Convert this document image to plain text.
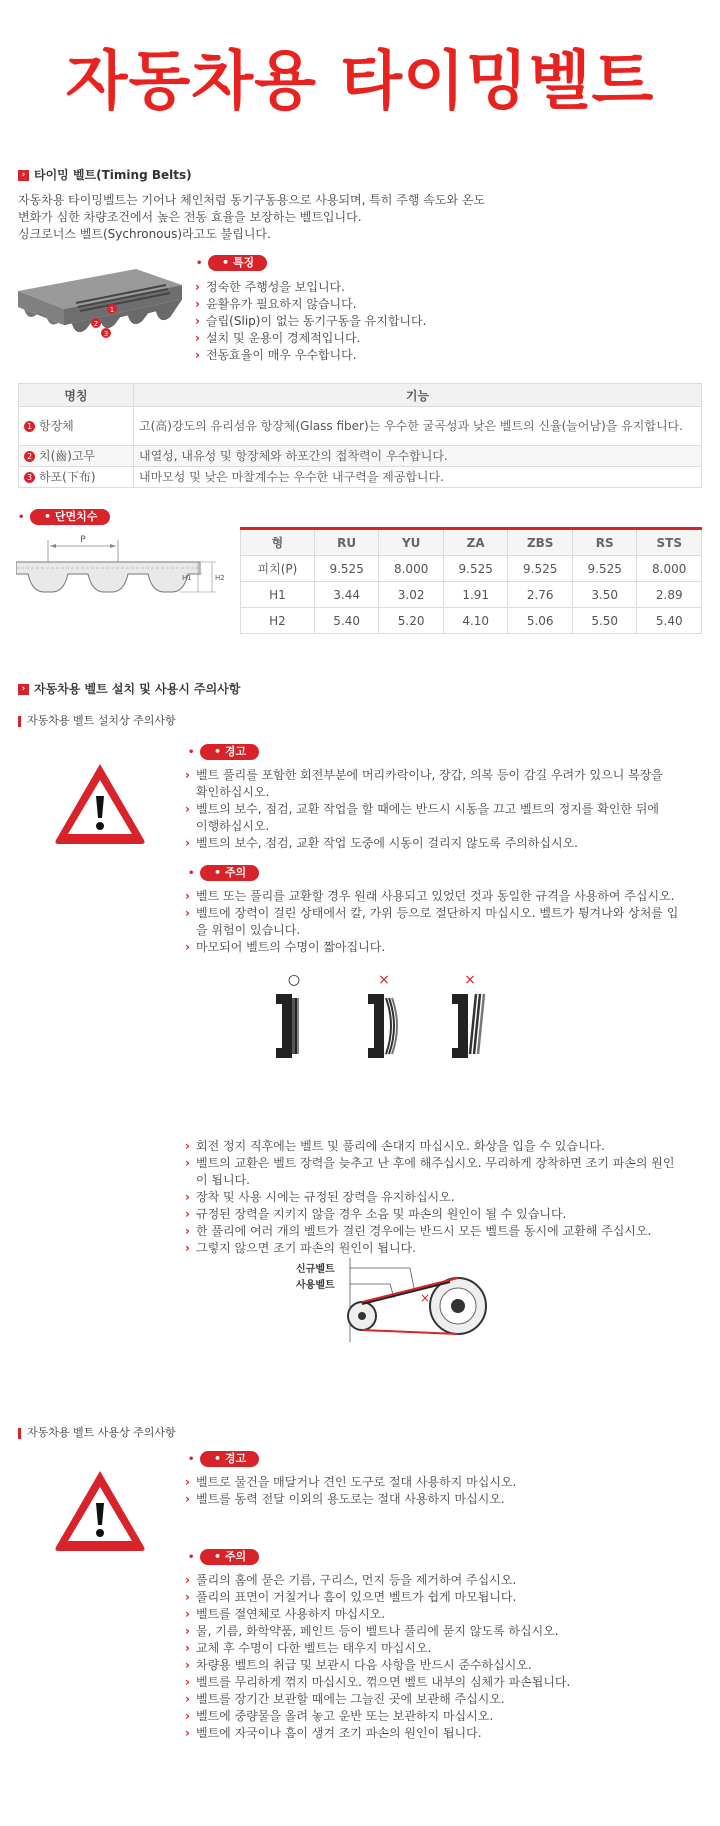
자동차용 타이밍벨트
› 타이밍 벨트(Timing Belts)
자동차용 타이밍벨트는 기어나 체인처럼 동기구동용으로 사용되며, 특히 주행 속도와 온도
변화가 심한 차량조건에서 높은 전동 효율을 보장하는 벨트입니다.
싱크로너스 벨트(Sychronous)라고도 불립니다.
1
2
3
•	• 특징
› 정숙한 주행성을 보입니다.
› 윤활유가 필요하지 않습니다.
› 슬립(Slip)이 없는 동기구동을 유지합니다.
› 설치 및 운용이 경제적입니다.
› 전동효율이 매우 우수합니다.
명칭	기능
1 항장체	고(高)강도의 유리섬유 항장체(Glass fiber)는 우수한 굴곡성과 낮은 벨트의 신율(늘어남)을 유지합니다.
2 치(齒)고무	내열성, 내유성 및 항장체와 하포간의 접착력이 우수합니다.
3 하포(下布)	내마모성 및 낮은 마찰계수는 우수한 내구력을 제공합니다.
•	• 단면치수
P
H1	H2
형	RU	YU	ZA	ZBS	RS	STS
피치(P)	9.525	8.000	9.525	9.525	9.525	8.000
H1	3.44	3.02	1.91	2.76	3.50	2.89
H2	5.40	5.20	4.10	5.06	5.50	5.40
› 자동차용 벨트 설치 및 사용시 주의사항
자동차용 벨트 설치상 주의사항
•	• 경고
› 벨트 풀리를 포함한 회전부분에 머리카락이나, 장갑, 의복 등이 감길 우려가 있으니 복장을 확인하십시오.
› 벨트의 보수, 점검, 교환 작업을 할 때에는 반드시 시동을 끄고 벨트의 정지를 확인한 뒤에 이행하십시오.
› 벨트의 보수, 점검, 교환 작업 도중에 시동이 걸리지 않도록 주의하십시오.
•	• 주의
› 벨트 또는 풀리를 교환할 경우 원래 사용되고 있었던 것과 동일한 규격을 사용하여 주십시오.
› 벨트에 장력이 걸린 상태에서 칼, 가위 등으로 절단하지 마십시오. 벨트가 튕겨나와 상처를 입을 위험이 있습니다.
› 마모되어 벨트의 수명이 짧아집니다.
○	×	×
› 회전 정지 직후에는 벨트 및 풀리에 손대지 마십시오. 화상을 입을 수 있습니다.
› 벨트의 교환은 벨트 장력을 늦추고 난 후에 해주십시오. 무리하게 장착하면 조기 파손의 원인이 됩니다.
› 장착 및 사용 시에는 규정된 장력을 유지하십시오.
› 규정된 장력을 지키지 않을 경우 소음 및 파손의 원인이 될 수 있습니다.
› 한 풀리에 여러 개의 벨트가 걸린 경우에는 반드시 모든 벨트를 동시에 교환해 주십시오.
› 그렇지 않으면 조기 파손의 원인이 됩니다.
신규벨트
사용벨트
×
자동차용 벨트 사용상 주의사항
•	• 경고
› 벨트로 물건을 매달거나 견인 도구로 절대 사용하지 마십시오.
› 벨트를 동력 전달 이외의 용도로는 절대 사용하지 마십시오.
•	• 주의
› 풀리의 홈에 묻은 기름, 구리스, 먼지 등을 제거하여 주십시오.
› 풀리의 표면이 거칠거나 흠이 있으면 벨트가 쉽게 마모됩니다.
› 벨트를 절연체로 사용하지 마십시오.
› 물, 기름, 화학약품, 페인트 등이 벨트나 풀리에 묻지 않도록 하십시오.
› 교체 후 수명이 다한 벨트는 태우지 마십시오.
› 차량용 벨트의 취급 및 보관시 다음 사항을 반드시 준수하십시오.
› 벨트를 무리하게 꺾지 마십시오. 꺾으면 벨트 내부의 심체가 파손됩니다.
› 벨트를 장기간 보관할 때에는 그늘진 곳에 보관해 주십시오.
› 벨트에 중량물을 올려 놓고 운반 또는 보관하지 마십시오.
› 벨트에 자국이나 흠이 생겨 조기 파손의 원인이 됩니다.
